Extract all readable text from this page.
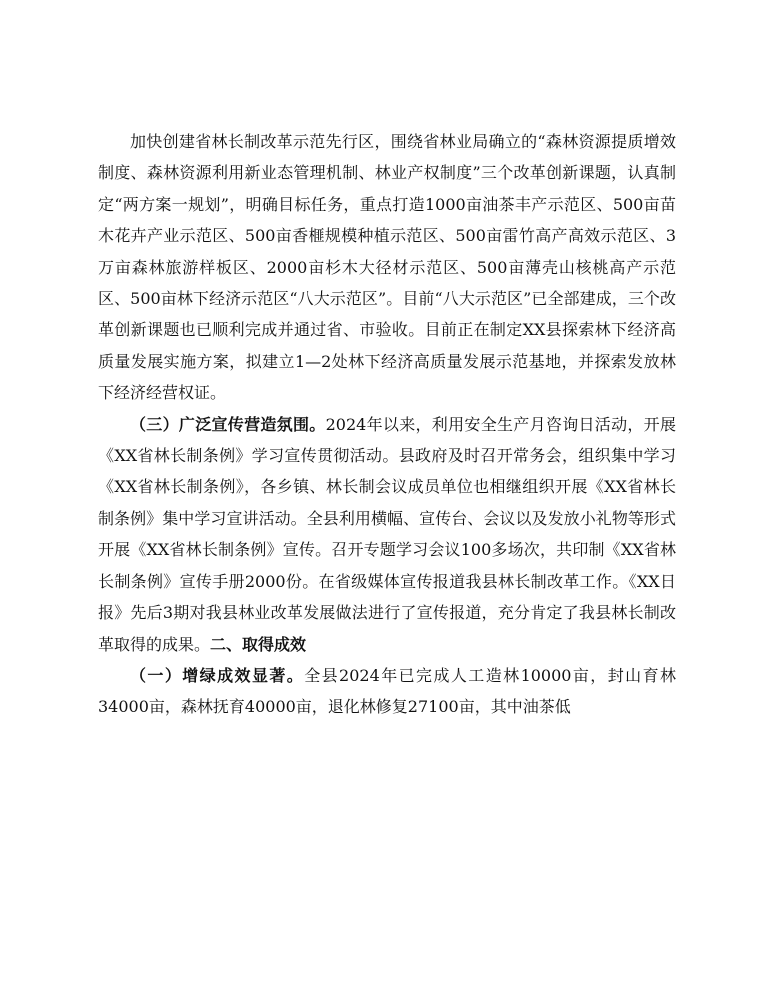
加快创建省林长制改革示范先行区，围绕省林业局确立的“森林资源提质增效制度、森林资源利用新业态管理机制、林业产权制度”三个改革创新课题，认真制定“两方案一规划”，明确目标任务，重点打造1000亩油茶丰产示范区、500亩苗木花卉产业示范区、500亩香榧规模种植示范区、500亩雷竹高产高效示范区、3万亩森林旅游样板区、2000亩杉木大径材示范区、500亩薄壳山核桃高产示范区、500亩林下经济示范区“八大示范区”。目前“八大示范区”已全部建成，三个改革创新课题也已顺利完成并通过省、市验收。目前正在制定XX县探索林下经济高质量发展实施方案，拟建立1—2处林下经济高质量发展示范基地，并探索发放林下经济经营权证。

（三）广泛宣传营造氛围。2024年以来，利用安全生产月咨询日活动，开展《XX省林长制条例》学习宣传贯彻活动。县政府及时召开常务会，组织集中学习《XX省林长制条例》，各乡镇、林长制会议成员单位也相继组织开展《XX省林长制条例》集中学习宣讲活动。全县利用横幅、宣传台、会议以及发放小礼物等形式开展《XX省林长制条例》宣传。召开专题学习会议100多场次，共印制《XX省林长制条例》宣传手册2000份。在省级媒体宣传报道我县林长制改革工作。《XX日报》先后3期对我县林业改革发展做法进行了宣传报道，充分肯定了我县林长制改革取得的成果。二、取得成效

（一）增绿成效显著。全县2024年已完成人工造林10000亩，封山育林34000亩，森林抚育40000亩，退化林修复27100亩，其中油茶低
